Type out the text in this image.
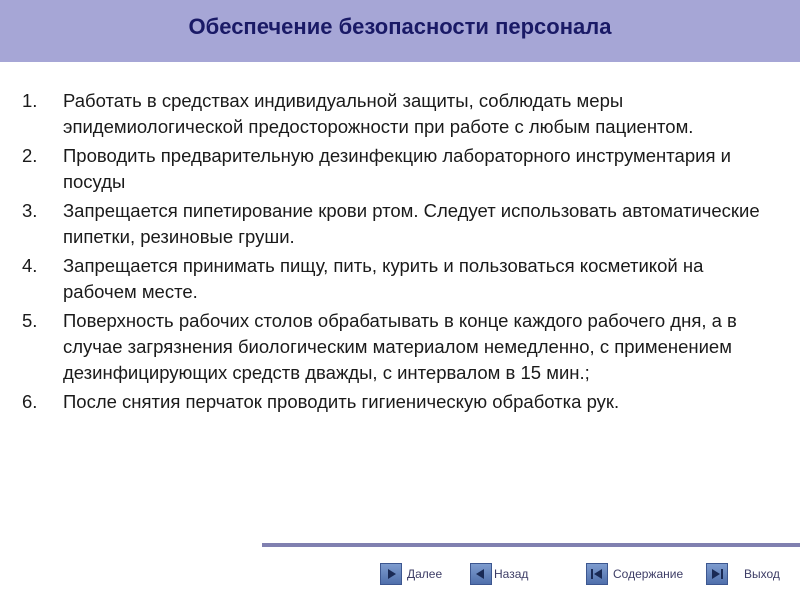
Обеспечение безопасности персонала
1.	Работать в средствах индивидуальной защиты, соблюдать меры эпидемиологической предосторожности при работе с любым пациентом.
2.	Проводить предварительную дезинфекцию лабораторного инструментария и посуды
3.	Запрещается пипетирование крови ртом. Следует использовать автоматические пипетки, резиновые груши.
4.	Запрещается принимать пищу, пить, курить и пользоваться косметикой на рабочем месте.
5.	Поверхность рабочих столов обрабатывать в конце каждого рабочего дня, а в случае загрязнения биологическим материалом немедленно, с применением дезинфицирующих средств дважды, с интервалом в 15 мин.;
6.	После снятия перчаток проводить гигиеническую обработка рук.
Далее	Назад	Содержание	Выход
